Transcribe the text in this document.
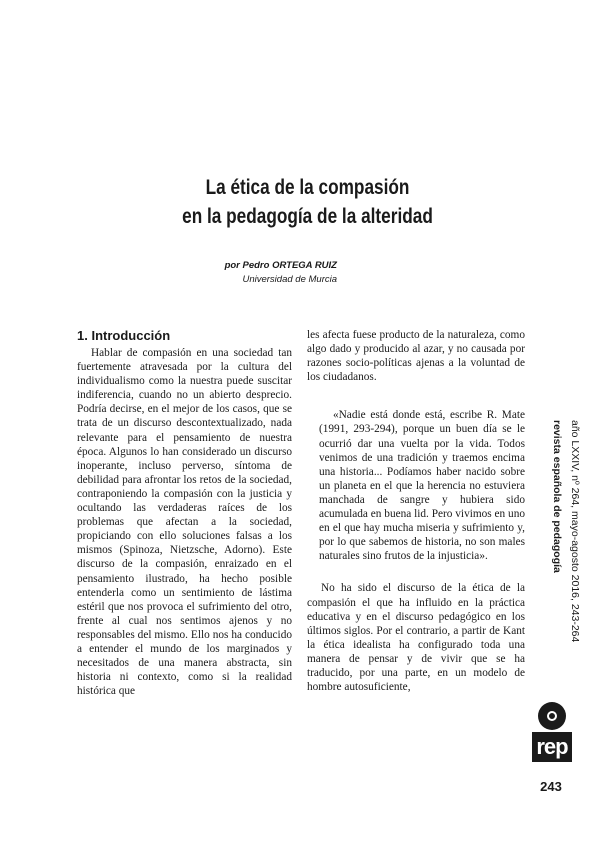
La ética de la compasión
en la pedagogía de la alteridad
por Pedro ORTEGA RUIZ
Universidad de Murcia
1. Introducción

Hablar de compasión en una sociedad tan fuertemente atravesada por la cultura del individualismo como la nuestra puede suscitar indiferencia, cuando no un abierto desprecio. Podría decirse, en el mejor de los casos, que se trata de un discurso descontextualizado, nada relevante para el pensamiento de nuestra época. Algunos lo han considerado un discurso inoperante, incluso perverso, síntoma de debilidad para afrontar los retos de la sociedad, contraponiendo la compasión con la justicia y ocultando las verdaderas raíces de los problemas que afectan a la sociedad, propiciando con ello soluciones falsas a los mismos (Spinoza, Nietzsche, Adorno). Este discurso de la compasión, enraizado en el pensamiento ilustrado, ha hecho posible entenderla como un sentimiento de lástima estéril que nos provoca el sufrimiento del otro, frente al cual nos sentimos ajenos y no responsables del mismo. Ello nos ha conducido a entender el mundo de los marginados y necesitados de una manera abstracta, sin historia ni contexto, como si la realidad histórica que

les afecta fuese producto de la naturaleza, como algo dado y producido al azar, y no causada por razones socio-políticas ajenas a la voluntad de los ciudadanos.

«Nadie está donde está, escribe R. Mate (1991, 293-294), porque un buen día se le ocurrió dar una vuelta por la vida. Todos venimos de una tradición y traemos encima una historia... Podíamos haber nacido sobre un planeta en el que la herencia no estuviera manchada de sangre y hubiera sido acumulada en buena lid. Pero vivimos en uno en el que hay mucha miseria y sufrimiento y, por lo que sabemos de historia, no son males naturales sino frutos de la injusticia».

No ha sido el discurso de la ética de la compasión el que ha influido en la práctica educativa y en el discurso pedagógico en los últimos siglos. Por el contrario, a partir de Kant la ética idealista ha configurado toda una manera de pensar y de vivir que se ha traducido, por una parte, en un modelo de hombre autosuficiente,

año LXXIV, nº 264, mayo-agosto 2016, 243-264
revista española de pedagogía
rep
243
